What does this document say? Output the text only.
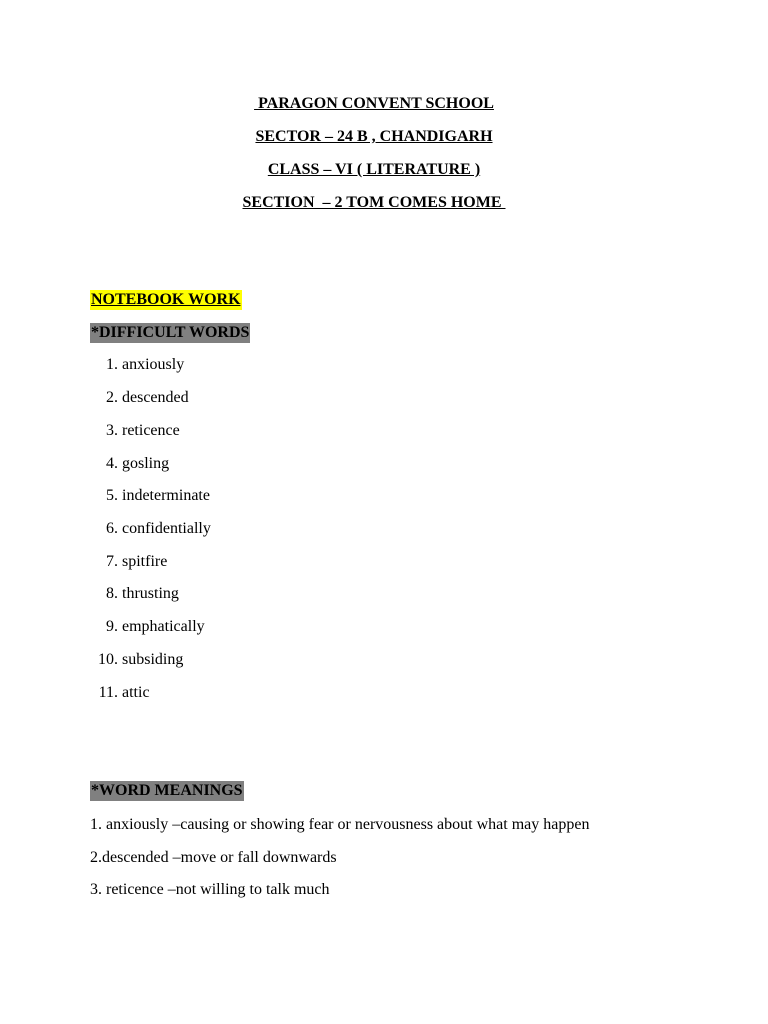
PARAGON CONVENT SCHOOL
SECTOR – 24 B , CHANDIGARH
CLASS – VI ( LITERATURE )
SECTION  – 2 TOM COMES HOME
NOTEBOOK WORK
*DIFFICULT WORDS
1. anxiously
2. descended
3. reticence
4. gosling
5. indeterminate
6. confidentially
7. spitfire
8. thrusting
9. emphatically
10. subsiding
11. attic
*WORD MEANINGS
1. anxiously –causing or showing fear or nervousness about what may happen
2.descended –move or fall downwards
3. reticence –not willing to talk much
